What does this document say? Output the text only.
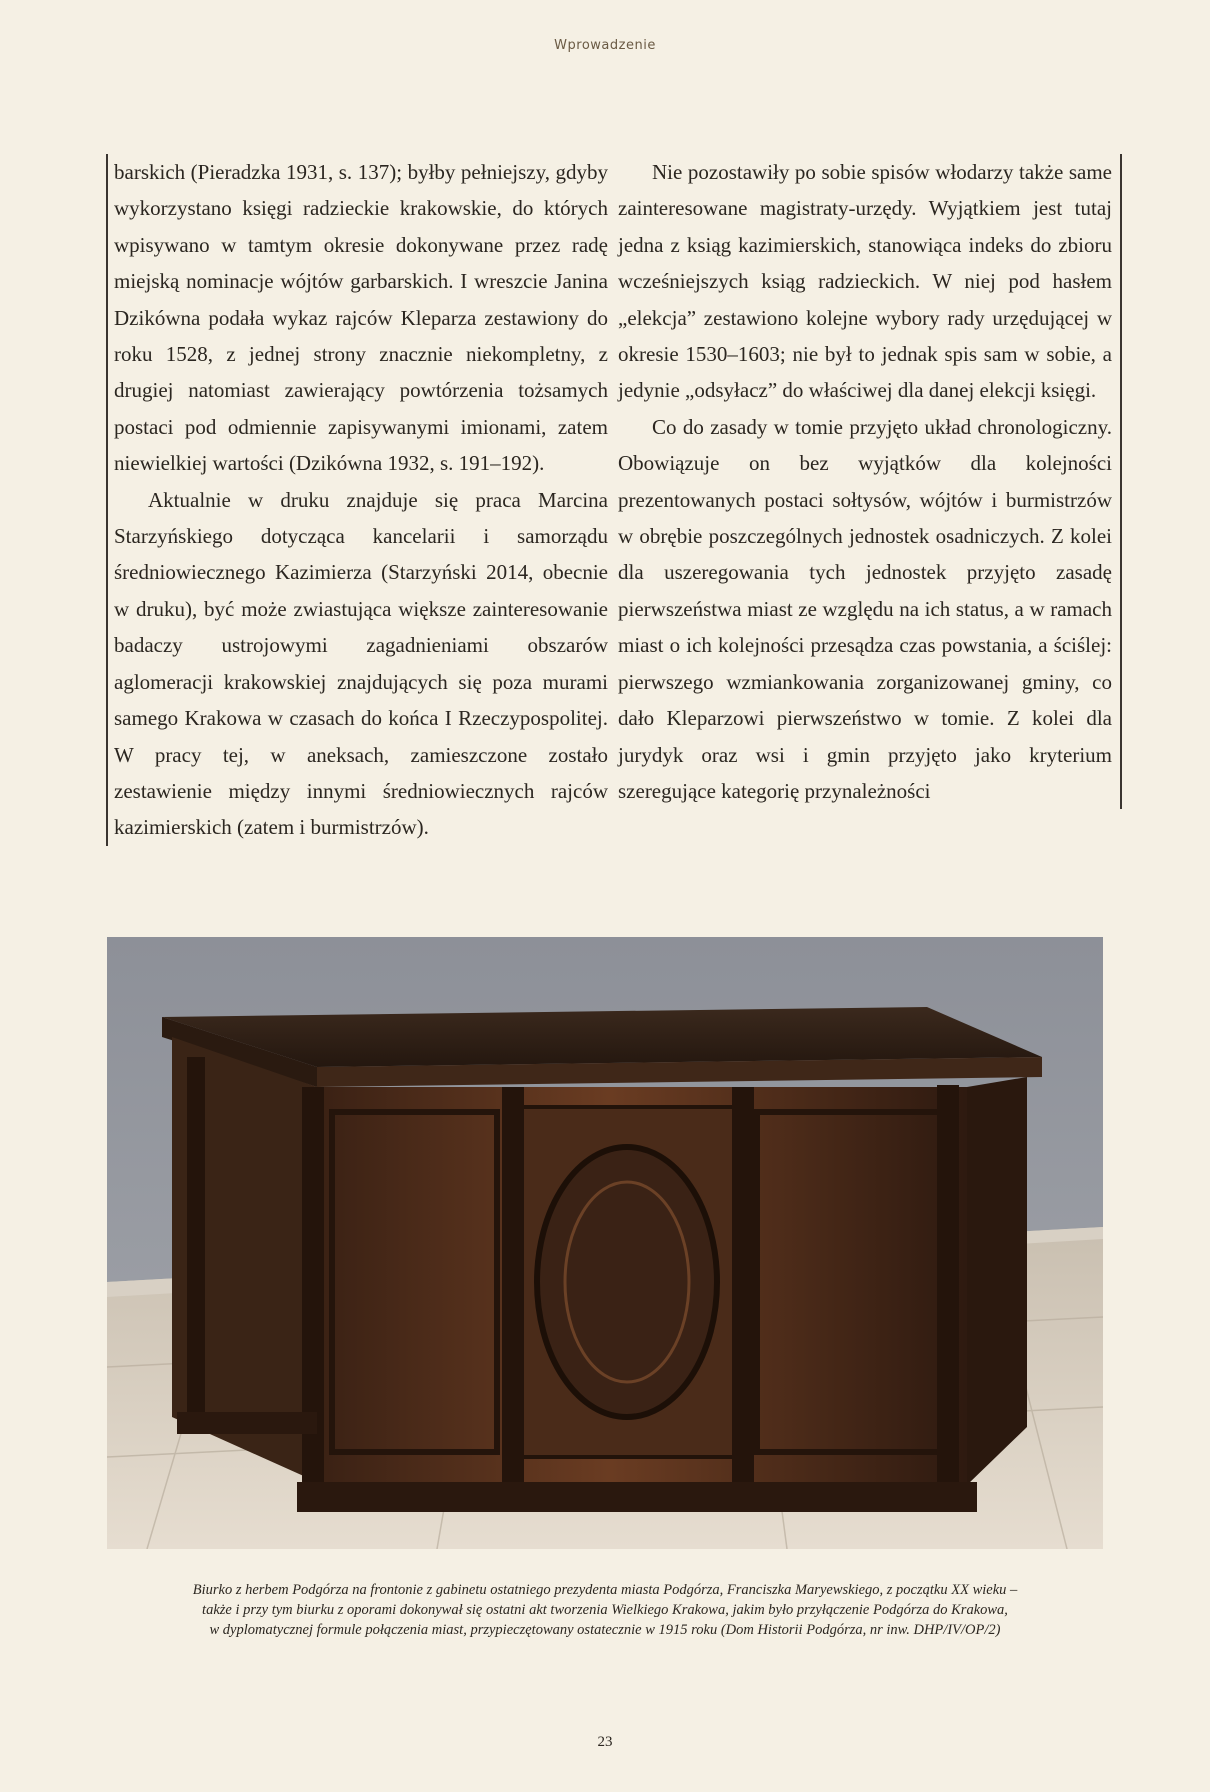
Wprowadzenie

barskich (Pieradzka 1931, s. 137); byłby pełniejszy, gdyby wykorzystano księgi radzieckie krakowskie, do których wpisywano w tamtym okresie dokonywane przez radę miejską nominacje wójtów garbarskich. I wreszcie Janina Dzikówna podała wykaz rajców Kleparza zestawiony do roku 1528, z jednej strony znacznie niekompletny, z drugiej natomiast zawierający powtórzenia tożsamych postaci pod odmiennie zapisywanymi imionami, zatem niewielkiej wartości (Dzikówna 1932, s. 191–192).

Aktualnie w druku znajduje się praca Marcina Starzyńskiego dotycząca kancelarii i samorządu średniowiecznego Kazimierza (Starzyński 2014, obecnie w druku), być może zwiastująca większe zainteresowanie badaczy ustrojowymi zagadnieniami obszarów aglomeracji krakowskiej znajdujących się poza murami samego Krakowa w czasach do końca I Rzeczypospolitej. W pracy tej, w aneksach, zamieszczone zostało zestawienie między innymi średniowiecznych rajców kazimierskich (zatem i burmistrzów).

Nie pozostawiły po sobie spisów włodarzy także same zainteresowane magistraty-urzędy. Wyjątkiem jest tutaj jedna z ksiąg kazimierskich, stanowiąca indeks do zbioru wcześniejszych ksiąg radzieckich. W niej pod hasłem „elekcja” zestawiono kolejne wybory rady urzędującej w okresie 1530–1603; nie był to jednak spis sam w sobie, a jedynie „odsyłacz” do właściwej dla danej elekcji księgi.

Co do zasady w tomie przyjęto układ chronologiczny. Obowiązuje on bez wyjątków dla kolejności prezentowanych postaci sołtysów, wójtów i burmistrzów w obrębie poszczególnych jednostek osadniczych. Z kolei dla uszeregowania tych jednostek przyjęto zasadę pierwszeństwa miast ze względu na ich status, a w ramach miast o ich kolejności przesądza czas powstania, a ściślej: pierwszego wzmiankowania zorganizowanej gminy, co dało Kleparzowi pierwszeństwo w tomie. Z kolei dla jurydyk oraz wsi i gmin przyjęto jako kryterium szeregujące kategorię przynależności

Biurko z herbem Podgórza na frontonie z gabinetu ostatniego prezydenta miasta Podgórza, Franciszka Maryewskiego, z początku XX wieku –
także i przy tym biurku z oporami dokonywał się ostatni akt tworzenia Wielkiego Krakowa, jakim było przyłączenie Podgórza do Krakowa,
w dyplomatycznej formule połączenia miast, przypieczętowany ostatecznie w 1915 roku (Dom Historii Podgórza, nr inw. DHP/IV/OP/2)
23
